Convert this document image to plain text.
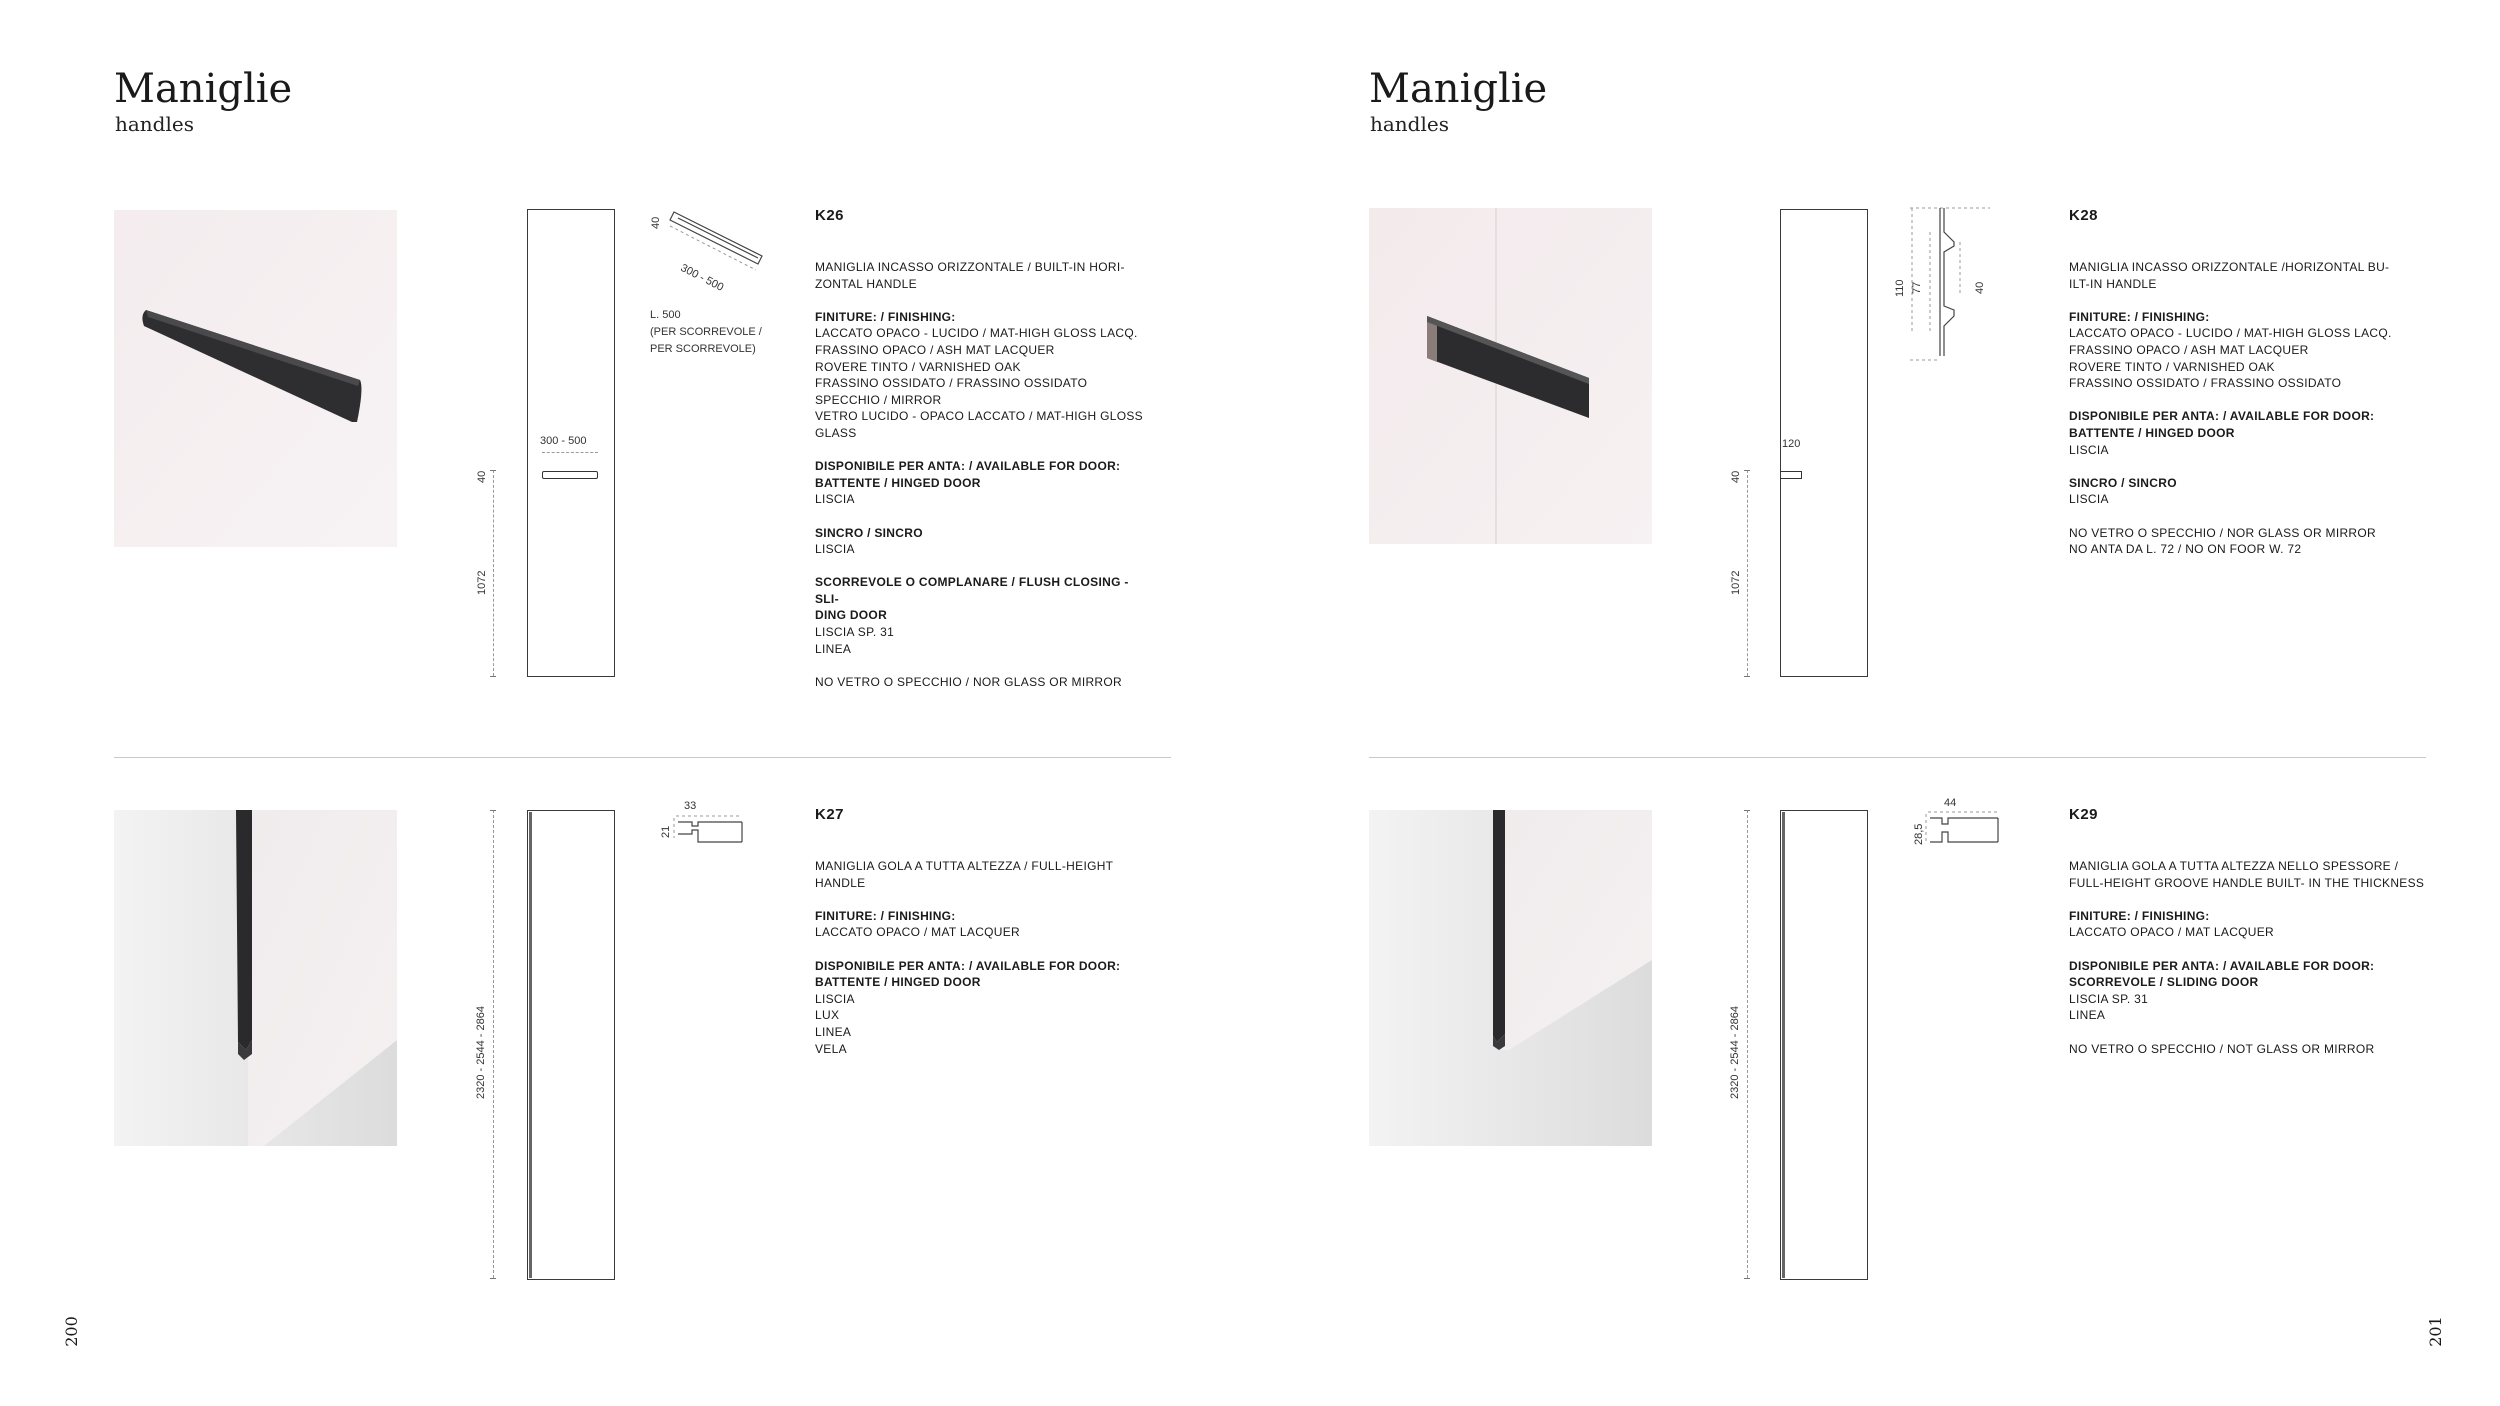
Maniglie
handles
Maniglie
handles
300 - 500
40
1072
40
300 - 500
L. 500
(PER SCORREVOLE /
PER SCORREVOLE)
K26

MANIGLIA INCASSO ORIZZONTALE / BUILT-IN HORI-
ZONTAL HANDLE

FINITURE: / FINISHING:
LACCATO OPACO - LUCIDO / MAT-HIGH GLOSS LACQ.
FRASSINO OPACO / ASH MAT LACQUER
ROVERE TINTO / VARNISHED OAK
FRASSINO OSSIDATO / FRASSINO OSSIDATO
SPECCHIO / MIRROR
VETRO LUCIDO - OPACO LACCATO / MAT-HIGH GLOSS
GLASS

DISPONIBILE PER ANTA: / AVAILABLE FOR DOOR:
BATTENTE / HINGED DOOR
LISCIA

SINCRO / SINCRO
LISCIA

SCORREVOLE O COMPLANARE / FLUSH CLOSING - SLI-
DING DOOR
LISCIA SP. 31
LINEA

NO VETRO O SPECCHIO / NOR GLASS OR MIRROR

120
40
1072
110 77	40
K28

MANIGLIA INCASSO ORIZZONTALE /HORIZONTAL BU-
ILT-IN HANDLE

FINITURE: / FINISHING:
LACCATO OPACO - LUCIDO / MAT-HIGH GLOSS LACQ.
FRASSINO OPACO / ASH MAT LACQUER
ROVERE TINTO / VARNISHED OAK
FRASSINO OSSIDATO / FRASSINO OSSIDATO

DISPONIBILE PER ANTA: / AVAILABLE FOR DOOR:
BATTENTE / HINGED DOOR
LISCIA

SINCRO / SINCRO
LISCIA

NO VETRO O SPECCHIO / NOR GLASS OR MIRROR
NO ANTA DA L. 72 / NO ON FOOR W. 72

2320 - 2544 - 2864
33
21
K27

MANIGLIA GOLA A TUTTA ALTEZZA / FULL-HEIGHT
HANDLE

FINITURE: / FINISHING:
LACCATO OPACO / MAT LACQUER

DISPONIBILE PER ANTA: / AVAILABLE FOR DOOR:
BATTENTE / HINGED DOOR
LISCIA
LUX
LINEA
VELA	2320 - 2544 - 2864
44
28,5
K29

MANIGLIA GOLA A TUTTA ALTEZZA NELLO SPESSORE /
FULL-HEIGHT GROOVE HANDLE BUILT- IN THE THICKNESS

FINITURE: / FINISHING:
LACCATO OPACO / MAT LACQUER

DISPONIBILE PER ANTA: / AVAILABLE FOR DOOR:
SCORREVOLE / SLIDING DOOR
LISCIA SP. 31
LINEA

NO VETRO O SPECCHIO / NOT GLASS OR MIRROR

200	201
